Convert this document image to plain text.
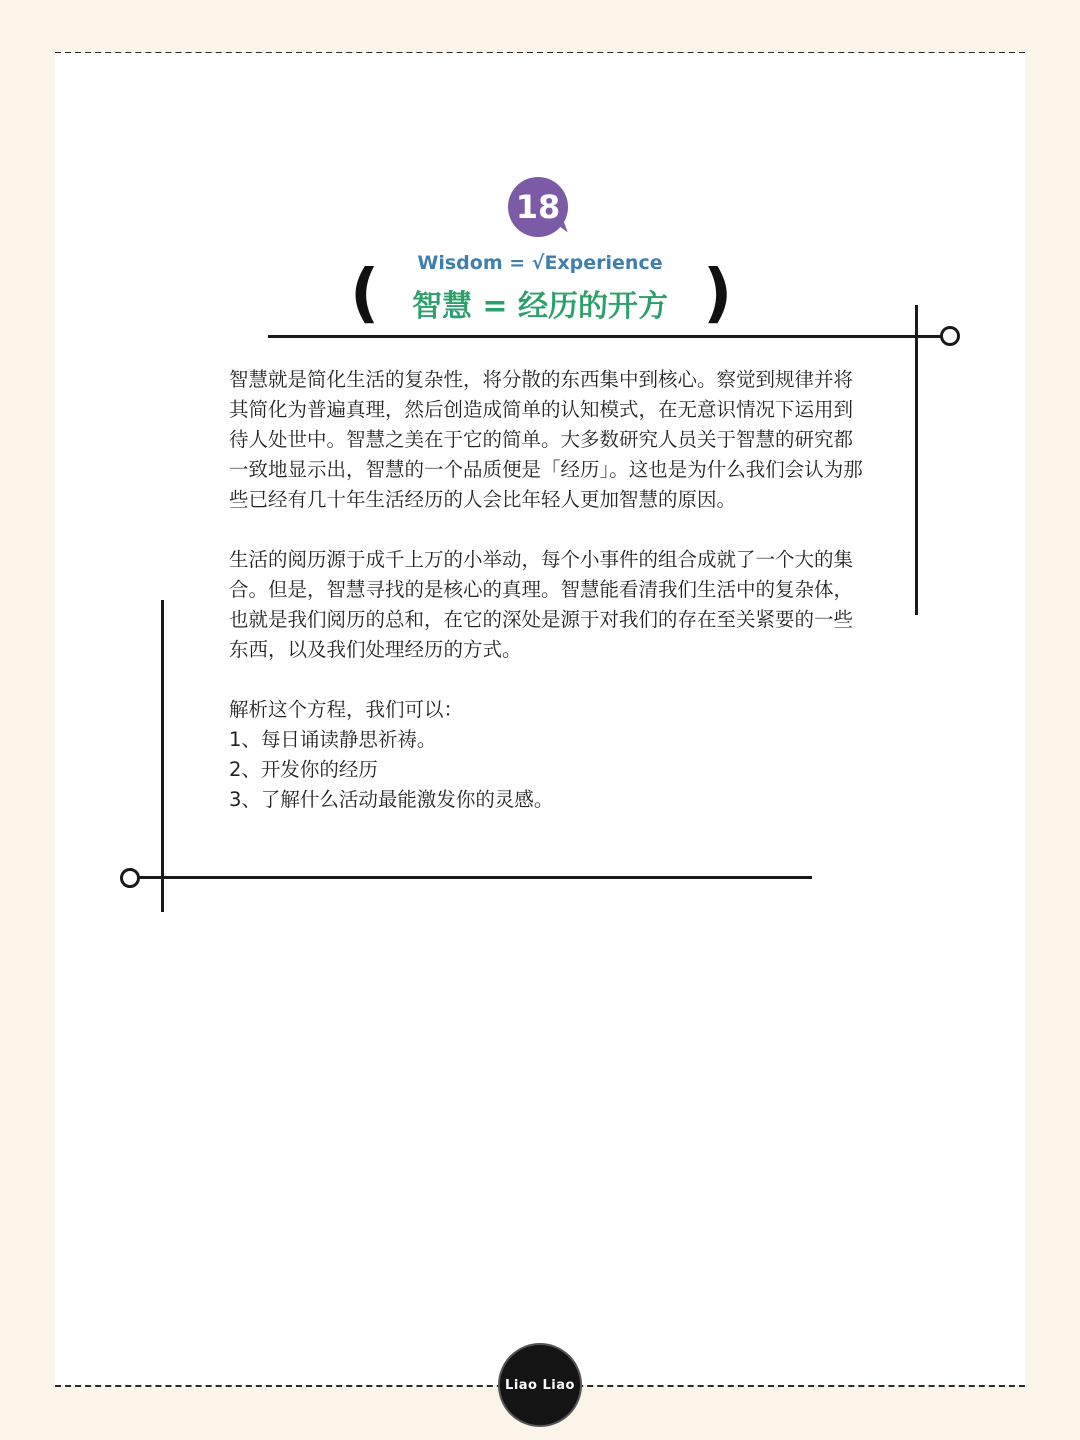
18
Wisdom = √Experience
(	智慧 = 经历的开方 )

智慧就是简化生活的复杂性，将分散的东西集中到核心。察觉到规律并将其简化为普遍真理，然后创造成简单的认知模式，在无意识情况下运用到待人处世中。智慧之美在于它的简单。大多数研究人员关于智慧的研究都一致地显示出，智慧的一个品质便是「经历」。这也是为什么我们会认为那些已经有几十年生活经历的人会比年轻人更加智慧的原因。

生活的阅历源于成千上万的小举动，每个小事件的组合成就了一个大的集合。但是，智慧寻找的是核心的真理。智慧能看清我们生活中的复杂体，也就是我们阅历的总和，在它的深处是源于对我们的存在至关紧要的一些东西，以及我们处理经历的方式。

解析这个方程，我们可以：
1、每日诵读静思祈祷。
2、开发你的经历
3、了解什么活动最能激发你的灵感。
Liao Liao
